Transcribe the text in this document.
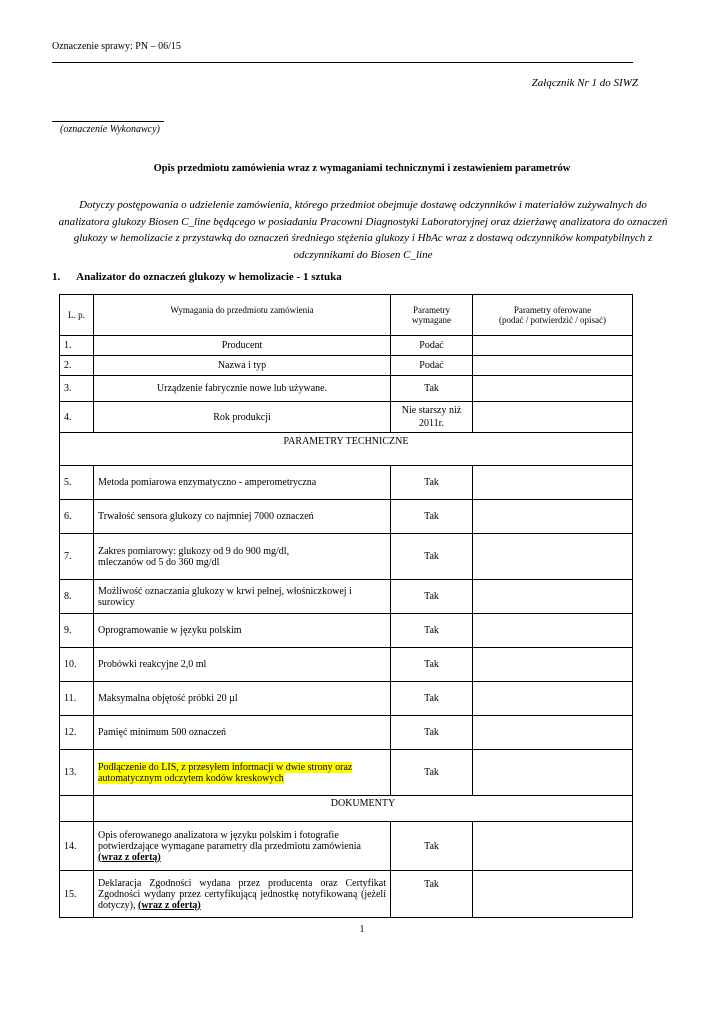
Oznaczenie sprawy: PN – 06/15
Załącznik Nr 1 do SIWZ
(oznaczenie Wykonawcy)
Opis przedmiotu zamówienia wraz z wymaganiami technicznymi i zestawieniem parametrów
Dotyczy postępowania o udzielenie zamówienia, którego przedmiot obejmuje dostawę odczynników i materiałów zużywalnych do analizatora glukozy Biosen C_line będącego w posiadaniu Pracowni Diagnostyki Laboratoryjnej oraz dzierżawę analizatora do oznaczeń glukozy w hemolizacie z przystawką do oznaczeń średniego stężenia glukozy i HbAc wraz z dostawą odczynników kompatybilnych z odczynnikami do Biosen C_line
1. Analizator do oznaczeń glukozy w hemolizacie - 1 sztuka
L. p.	Wymagania do przedmiotu zamówienia	Parametry wymagane	Parametry oferowane
(podać / potwierdzić / opisać)

1.	Producent	Podać	
2.	Nazwa i typ	Podać	
3.	Urządzenie fabrycznie nowe lub używane.	Tak	
4.	Rok produkcji	Nie starszy niż 2011r.	
PARAMETRY TECHNICZNE			
5.	Metoda pomiarowa enzymatyczno - amperometryczna	Tak	
6.	Trwałość sensora glukozy co najmniej 7000 oznaczeń	Tak	
7.	Zakres pomiarowy: glukozy od 9 do 900 mg/dl,
mleczanów od 5 do 360 mg/dl	Tak	
8.	Możliwość oznaczania glukozy w krwi pełnej, włośniczkowej i surowicy	Tak	
9.	Oprogramowanie w języku polskim	Tak	
10.	Probówki reakcyjne 2,0 ml	Tak	
11.	Maksymalna objętość próbki 20 µl	Tak	
12.	Pamięć minimum 500 oznaczeń	Tak	
13.	Podłączenie do LIS, z przesyłem informacji w dwie strony oraz automatycznym odczytem kodów kreskowych	Tak	
	DOKUMENTY		
14.	Opis oferowanego analizatora w języku polskim i fotografie potwierdzające wymagane parametry dla przedmiotu zamówienia (wraz z ofertą)	Tak	
15.	Deklaracja Zgodności wydana przez producenta oraz Certyfikat Zgodności wydany przez certyfikującą jednostkę notyfikowaną (jeżeli dotyczy), (wraz z ofertą)	Tak	
1
